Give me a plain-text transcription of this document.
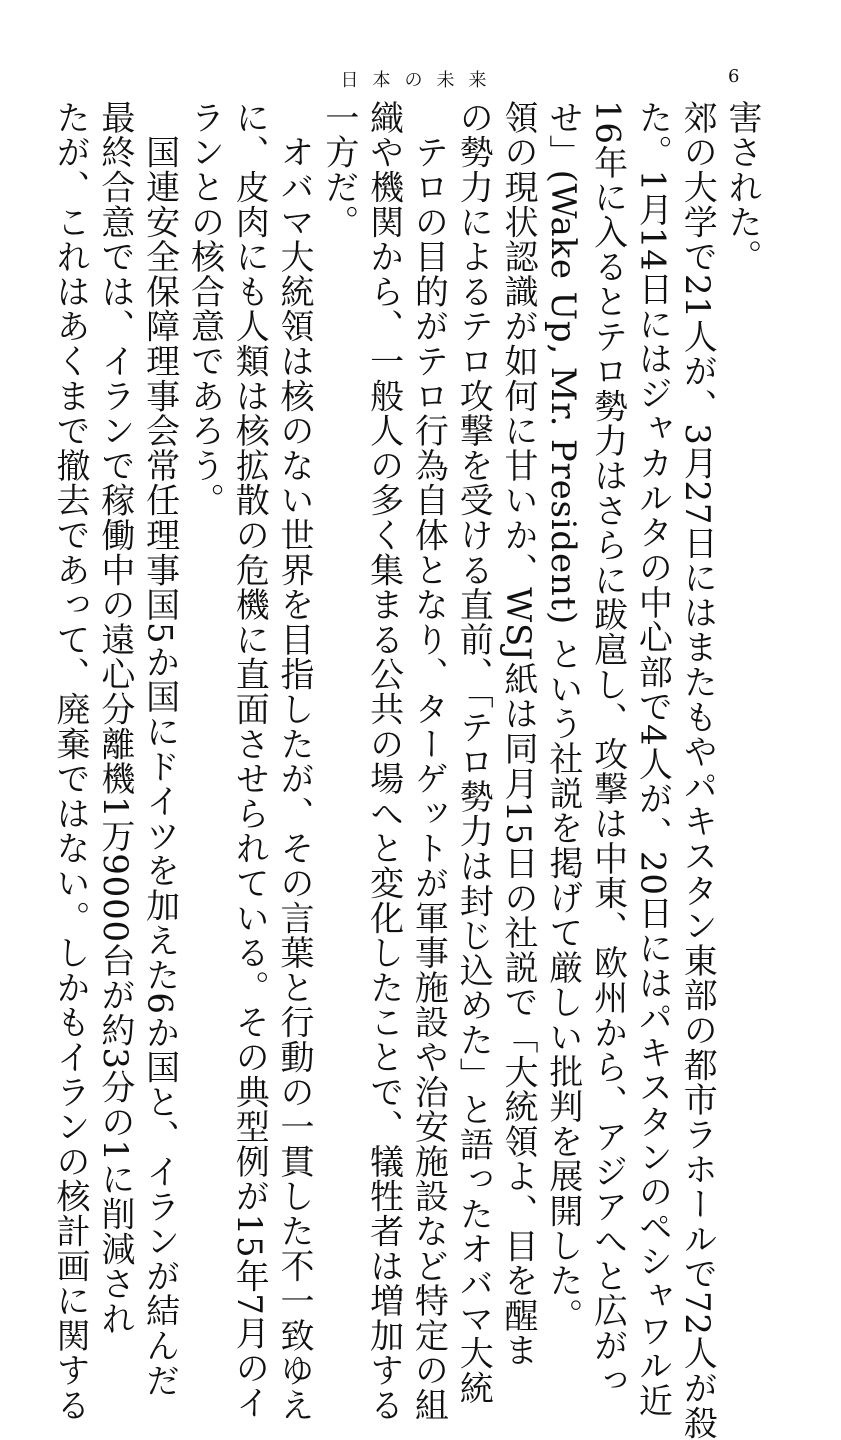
日本の未来	6
害された。
郊の大学で21人が、3月27日にはまたもやパキスタン東部の都市ラホールで72人が殺
た。1月14日にはジャカルタの中心部で4人が、20日にはパキスタンのペシャワル近
16年に入るとテロ勢力はさらに跋扈し、攻撃は中東、欧州から、アジアへと広がっ
せ」(Wake Up, Mr. President) という社説を掲げて厳しい批判を展開した。
領の現状認識が如何に甘いか、WSJ紙は同月15日の社説で「大統領よ、目を醒ま
の勢力によるテロ攻撃を受ける直前、「テロ勢力は封じ込めた」と語ったオバマ大統
　テロの目的がテロ行為自体となり、ターゲットが軍事施設や治安施設など特定の組
織や機関から、一般人の多く集まる公共の場へと変化したことで、犠牲者は増加する
一方だ。
　オバマ大統領は核のない世界を目指したが、その言葉と行動の一貫した不一致ゆえ
に、皮肉にも人類は核拡散の危機に直面させられている。その典型例が15年7月のイ
ランとの核合意であろう。
　国連安全保障理事会常任理事国5か国にドイツを加えた6か国と、イランが結んだ
最終合意では、イランで稼働中の遠心分離機1万9000台が約3分の1に削減され
たが、これはあくまで撤去であって、廃棄ではない。しかもイランの核計画に関する
